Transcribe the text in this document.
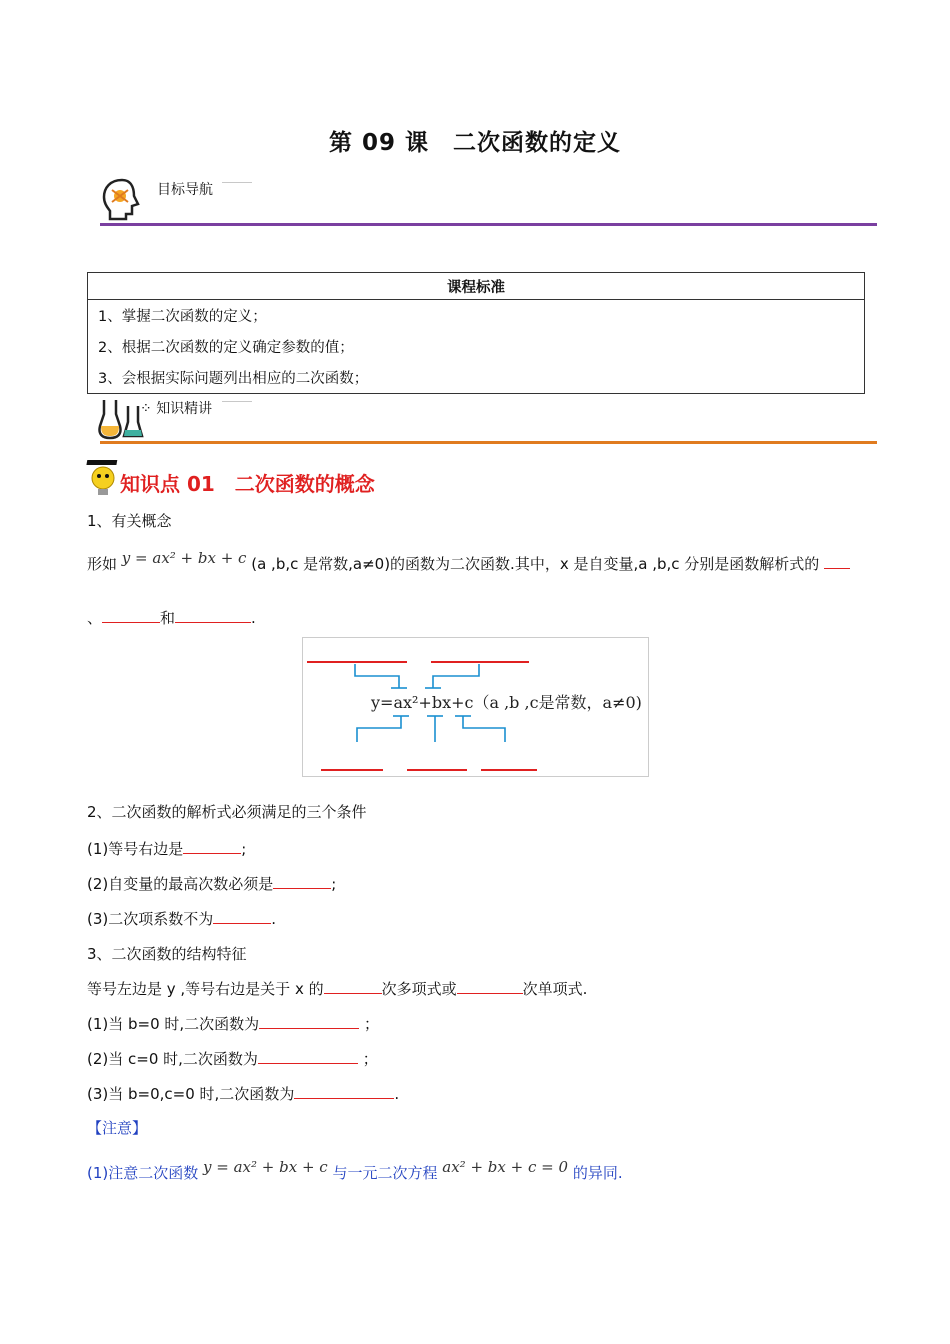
第 09 课　二次函数的定义
目标导航
课程标准
1、掌握二次函数的定义；
2、根据二次函数的定义确定参数的值；
3、会根据实际问题列出相应的二次函数；
⁘ 知识精讲
知识点 01　二次函数的概念
1、有关概念
形如 y = ax² + bx + c (a ,b,c 是常数,a≠0)的函数为二次函数.其中，x 是自变量,a ,b,c 分别是函数解析式的
、	和	.
y=ax²+bx+c（a ,b ,c是常数，a≠0)
2、二次函数的解析式必须满足的三个条件
(1)等号右边是	;
(2)自变量的最高次数必须是	;
(3)二次项系数不为	.
3、二次函数的结构特征
等号左边是 y ,等号右边是关于 x 的	次多项式或	次单项式.
(1)当 b=0 时,二次函数为	；
(2)当 c=0 时,二次函数为	；
(3)当 b=0,c=0 时,二次函数为	.
【注意】
(1)注意二次函数 y = ax² + bx + c 与一元二次方程 ax² + bx + c = 0 的异同.
